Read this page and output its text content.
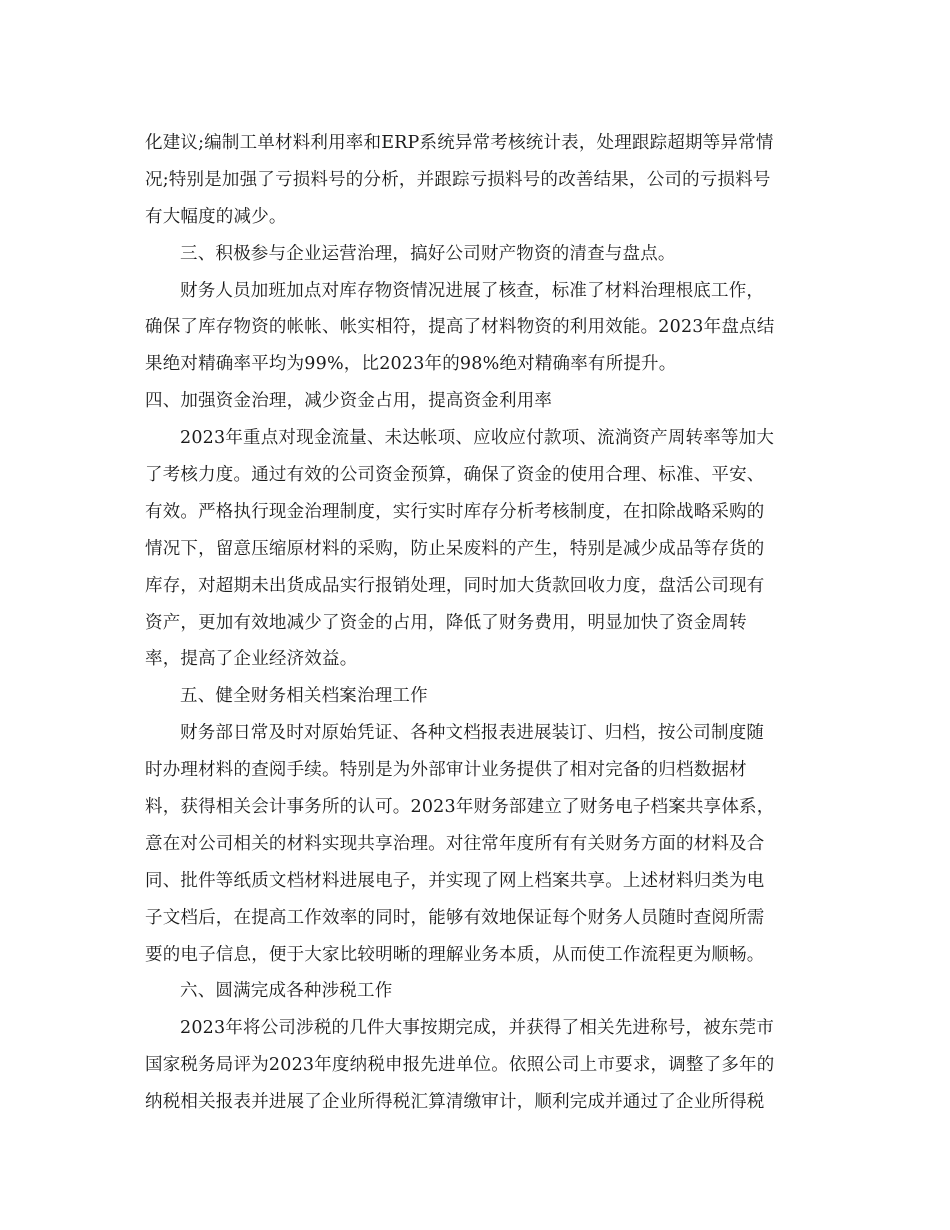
化建议;编制工单材料利用率和ERP系统异常考核统计表，处理跟踪超期等异常情
况;特别是加强了亏损料号的分析，并跟踪亏损料号的改善结果，公司的亏损料号
有大幅度的减少。
三、积极参与企业运营治理，搞好公司财产物资的清查与盘点。
财务人员加班加点对库存物资情况进展了核查，标准了材料治理根底工作，
确保了库存物资的帐帐、帐实相符，提高了材料物资的利用效能。2023年盘点结
果绝对精确率平均为99%，比2023年的98%绝对精确率有所提升。
四、加强资金治理，减少资金占用，提高资金利用率
2023年重点对现金流量、未达帐项、应收应付款项、流淌资产周转率等加大
了考核力度。通过有效的公司资金预算，确保了资金的使用合理、标准、平安、
有效。严格执行现金治理制度，实行实时库存分析考核制度，在扣除战略采购的
情况下，留意压缩原材料的采购，防止呆废料的产生，特别是减少成品等存货的
库存，对超期未出货成品实行报销处理，同时加大货款回收力度，盘活公司现有
资产，更加有效地减少了资金的占用，降低了财务费用，明显加快了资金周转
率，提高了企业经济效益。
五、健全财务相关档案治理工作
财务部日常及时对原始凭证、各种文档报表进展装订、归档，按公司制度随
时办理材料的查阅手续。特别是为外部审计业务提供了相对完备的归档数据材
料，获得相关会计事务所的认可。2023年财务部建立了财务电子档案共享体系，
意在对公司相关的材料实现共享治理。对往常年度所有有关财务方面的材料及合
同、批件等纸质文档材料进展电子，并实现了网上档案共享。上述材料归类为电
子文档后，在提高工作效率的同时，能够有效地保证每个财务人员随时查阅所需
要的电子信息，便于大家比较明晰的理解业务本质，从而使工作流程更为顺畅。
六、圆满完成各种涉税工作
2023年将公司涉税的几件大事按期完成，并获得了相关先进称号，被东莞市
国家税务局评为2023年度纳税申报先进单位。依照公司上市要求，调整了多年的
纳税相关报表并进展了企业所得税汇算清缴审计，顺利完成并通过了企业所得税
